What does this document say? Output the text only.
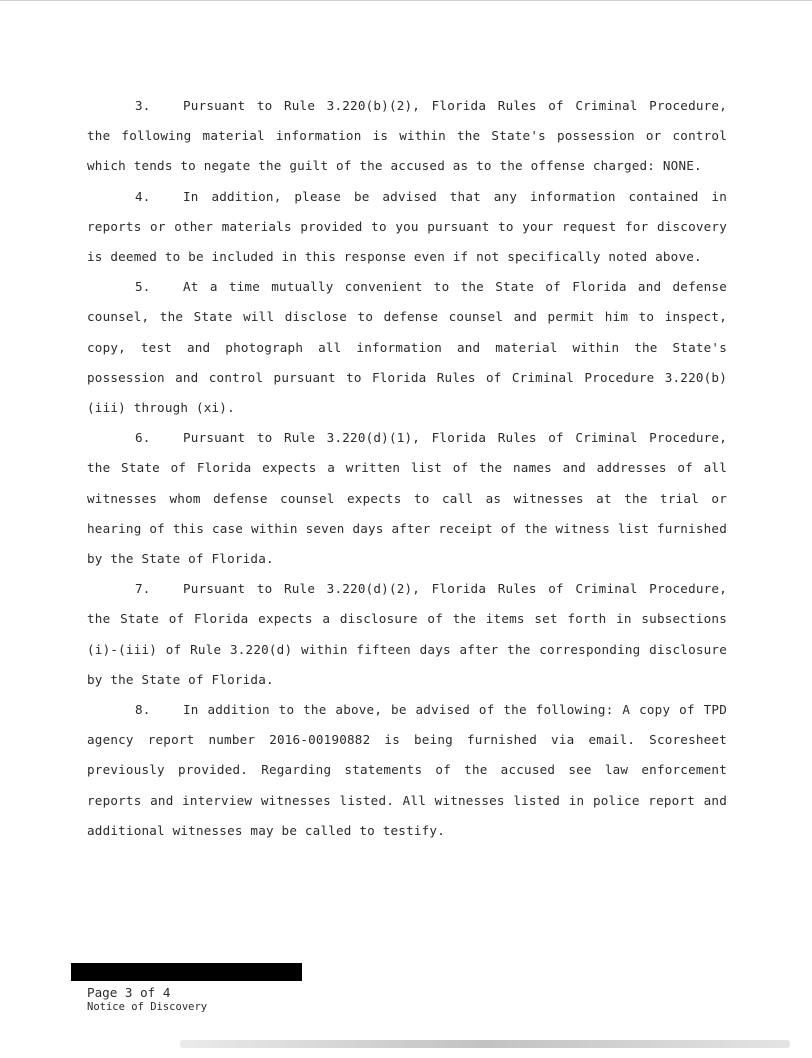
3.	Pursuant to Rule 3.220(b)(2), Florida Rules of Criminal Procedure, the following material information is within the State's possession or control which tends to negate the guilt of the accused as to the offense charged: NONE.

4.	In addition, please be advised that any information contained in reports or other materials provided to you pursuant to your request for discovery is deemed to be included in this response even if not specifically noted above.

5.	At a time mutually convenient to the State of Florida and defense counsel, the State will disclose to defense counsel and permit him to inspect, copy, test and photograph all information and material within the State's possession and control pursuant to Florida Rules of Criminal Procedure 3.220(b)(iii) through (xi).

6.	Pursuant to Rule 3.220(d)(1), Florida Rules of Criminal Procedure, the State of Florida expects a written list of the names and addresses of all witnesses whom defense counsel expects to call as witnesses at the trial or hearing of this case within seven days after receipt of the witness list furnished by the State of Florida.

7.	Pursuant to Rule 3.220(d)(2), Florida Rules of Criminal Procedure, the State of Florida expects a disclosure of the items set forth in subsections (i)-(iii) of Rule 3.220(d) within fifteen days after the corresponding disclosure by the State of Florida.

8.	In addition to the above, be advised of the following: A copy of TPD agency report number 2016-00190882 is being furnished via email. Scoresheet previously provided. Regarding statements of the accused see law enforcement reports and interview witnesses listed. All witnesses listed in police report and additional witnesses may be called to testify.

Page 3 of 4
Notice of Discovery
